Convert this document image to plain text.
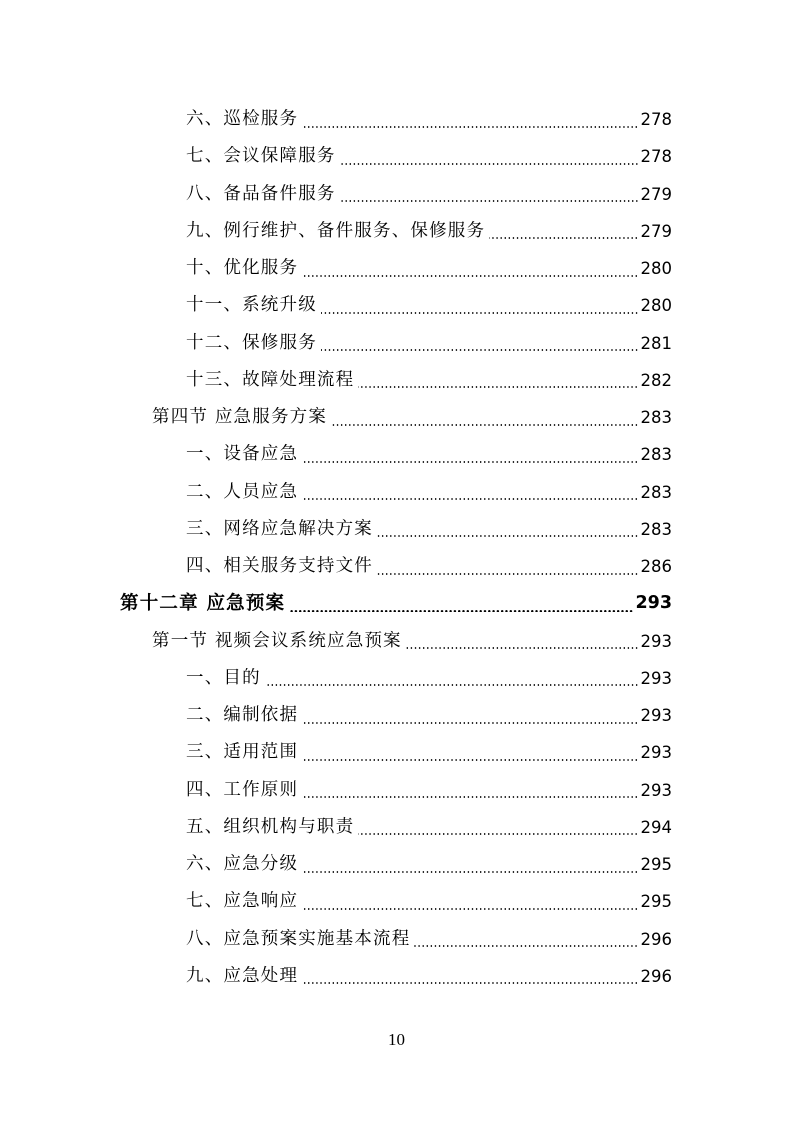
六、巡检服务	278
七、会议保障服务	278
八、备品备件服务	279
九、例行维护、备件服务、保修服务	279
十、优化服务	280
十一、系统升级	280
十二、保修服务	281
十三、故障处理流程	282
第四节 应急服务方案	283
一、设备应急	283
二、人员应急	283
三、网络应急解决方案	283
四、相关服务支持文件	286
第十二章 应急预案	293
第一节 视频会议系统应急预案	293
一、目的	293
二、编制依据	293
三、适用范围	293
四、工作原则	293
五、组织机构与职责	294
六、应急分级	295
七、应急响应	295
八、应急预案实施基本流程	296
九、应急处理	296
10
